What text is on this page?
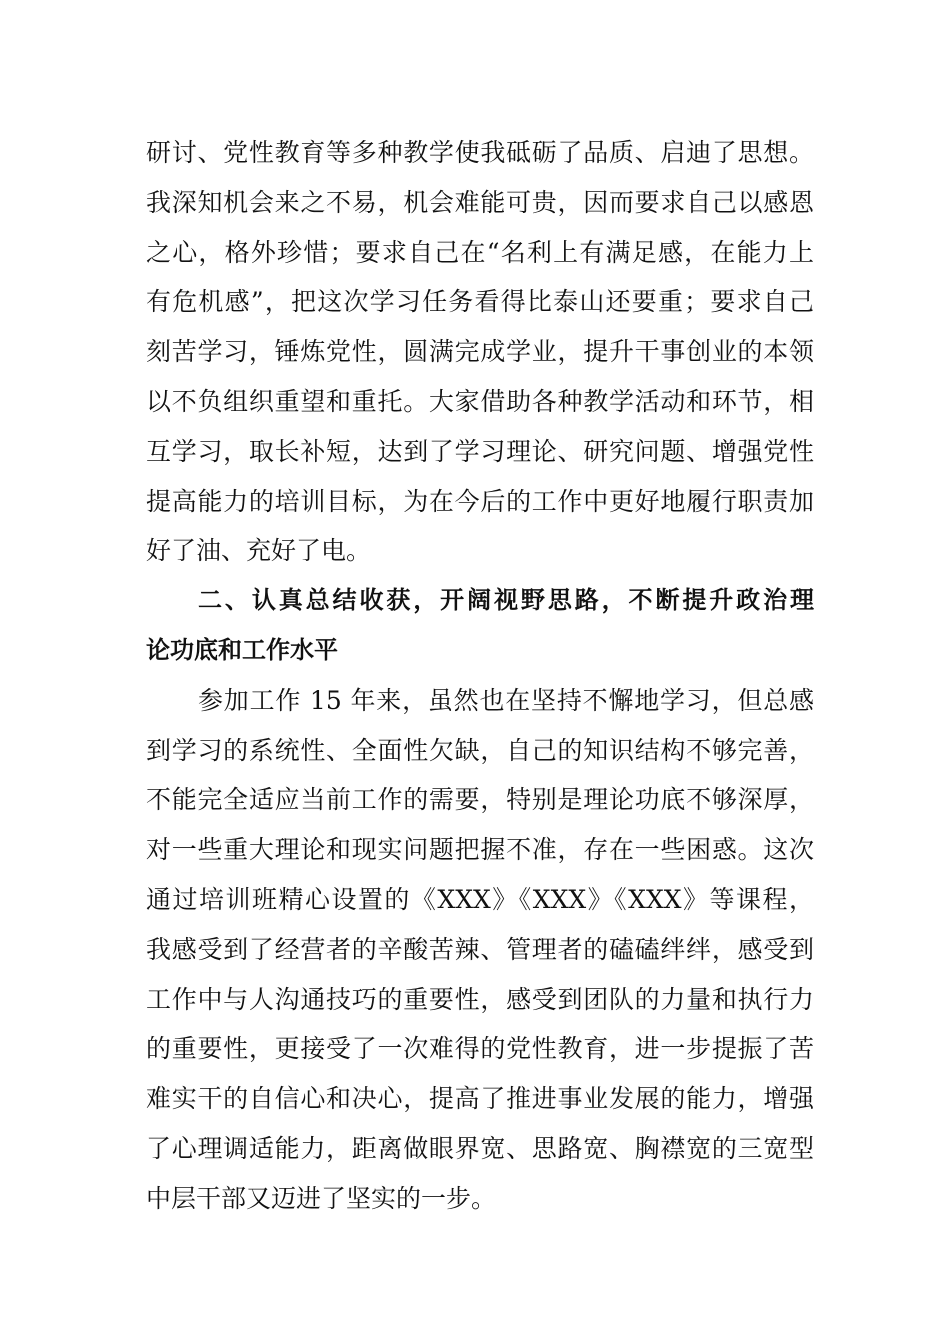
研讨、党性教育等多种教学使我砥砺了品质、启迪了思想。
我深知机会来之不易，机会难能可贵，因而要求自己以感恩
之心，格外珍惜；要求自己在“名利上有满足感，在能力上
有危机感”，把这次学习任务看得比泰山还要重；要求自己
刻苦学习，锤炼党性，圆满完成学业，提升干事创业的本领
以不负组织重望和重托。大家借助各种教学活动和环节，相
互学习，取长补短，达到了学习理论、研究问题、增强党性
提高能力的培训目标，为在今后的工作中更好地履行职责加
好了油、充好了电。
二、认真总结收获，开阔视野思路，不断提升政治理
论功底和工作水平
参加工作 15 年来，虽然也在坚持不懈地学习，但总感
到学习的系统性、全面性欠缺，自己的知识结构不够完善，
不能完全适应当前工作的需要，特别是理论功底不够深厚，
对一些重大理论和现实问题把握不准，存在一些困惑。这次
通过培训班精心设置的《XXX》《XXX》《XXX》等课程，
我感受到了经营者的辛酸苦辣、管理者的磕磕绊绊，感受到
工作中与人沟通技巧的重要性，感受到团队的力量和执行力
的重要性，更接受了一次难得的党性教育，进一步提振了苦
难实干的自信心和决心，提高了推进事业发展的能力，增强
了心理调适能力，距离做眼界宽、思路宽、胸襟宽的三宽型
中层干部又迈进了坚实的一步。
